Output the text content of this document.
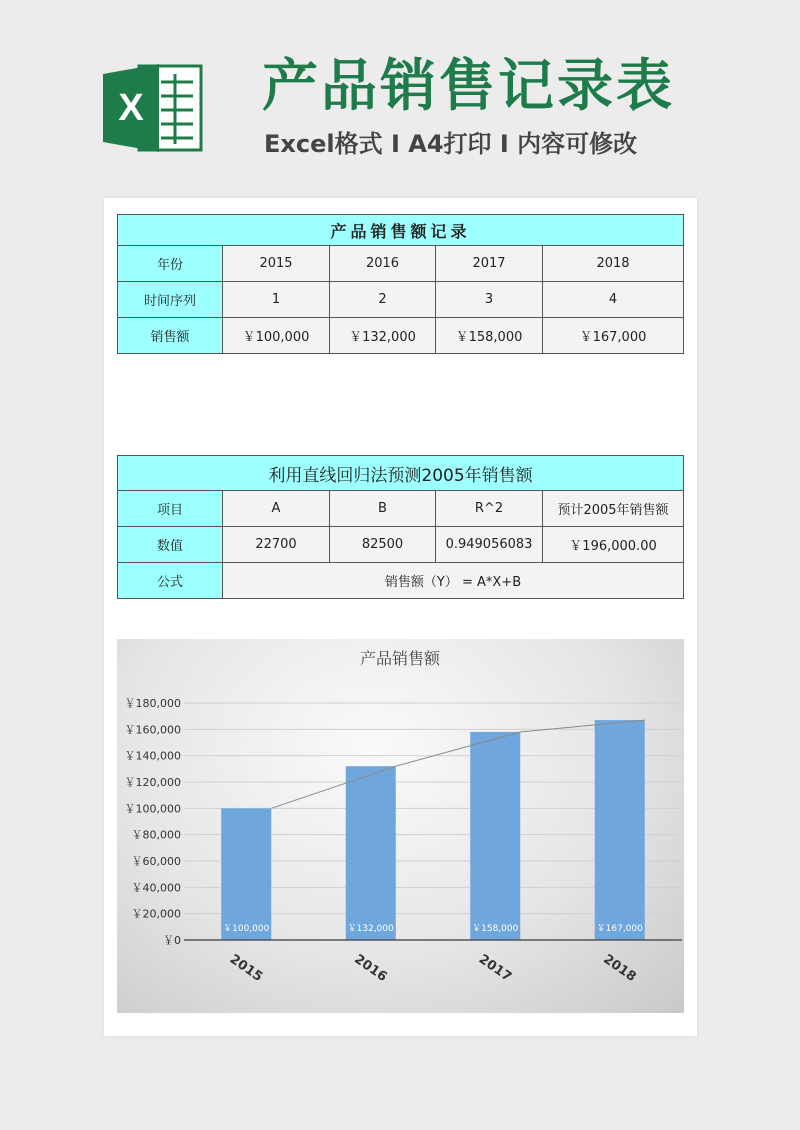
X 产品销售记录表
Excel格式 I A4打印 I 内容可修改
产品销售额记录				
年份	2015	2016	2017	2018
时间序列	1	2	3	4
销售额	￥100,000	￥132,000	￥158,000	￥167,000
利用直线回归法预测2005年销售额				
项目	A	B	R^2	预计2005年销售额
数值	22700	82500	0.949056083	￥196,000.00
公式	销售额（Y） = A*X+B			
产品销售额
￥0
￥20,000
￥40,000
￥60,000
￥80,000
￥100,000
￥120,000
￥140,000
￥160,000
￥180,000
￥100,000
2015
￥132,000
2016
￥158,000
2017
￥167,000
2018
